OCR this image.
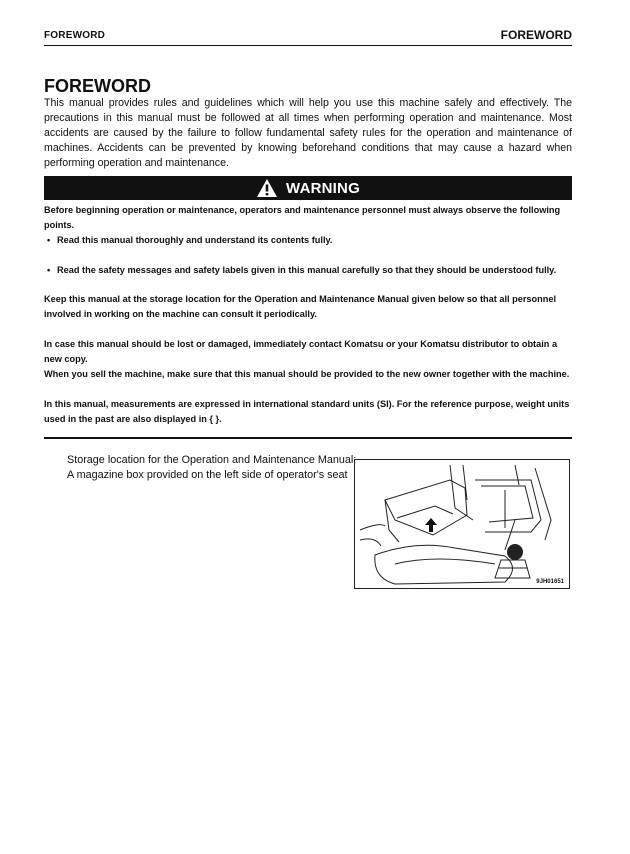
FOREWORD	FOREWORD
FOREWORD

This manual provides rules and guidelines which will help you use this machine safely and effectively. The precautions in this manual must be followed at all times when performing operation and maintenance. Most accidents are caused by the failure to follow fundamental safety rules for the operation and maintenance of machines. Accidents can be prevented by knowing beforehand conditions that may cause a hazard when performing operation and maintenance.

WARNING

Before beginning operation or maintenance, operators and maintenance personnel must always observe the following points.

• Read this manual thoroughly and understand its contents fully.
• Read the safety messages and safety labels given in this manual carefully so that they should be understood fully.

Keep this manual at the storage location for the Operation and Maintenance Manual given below so that all personnel involved in working on the machine can consult it periodically.

In case this manual should be lost or damaged, immediately contact Komatsu or your Komatsu distributor to obtain a new copy.

When you sell the machine, make sure that this manual should be provided to the new owner together with the machine.

In this manual, measurements are expressed in international standard units (SI). For the reference purpose, weight units used in the past are also displayed in { }.

Storage location for the Operation and Maintenance Manual:
A magazine box provided on the left side of operator's seat
9JH01651
